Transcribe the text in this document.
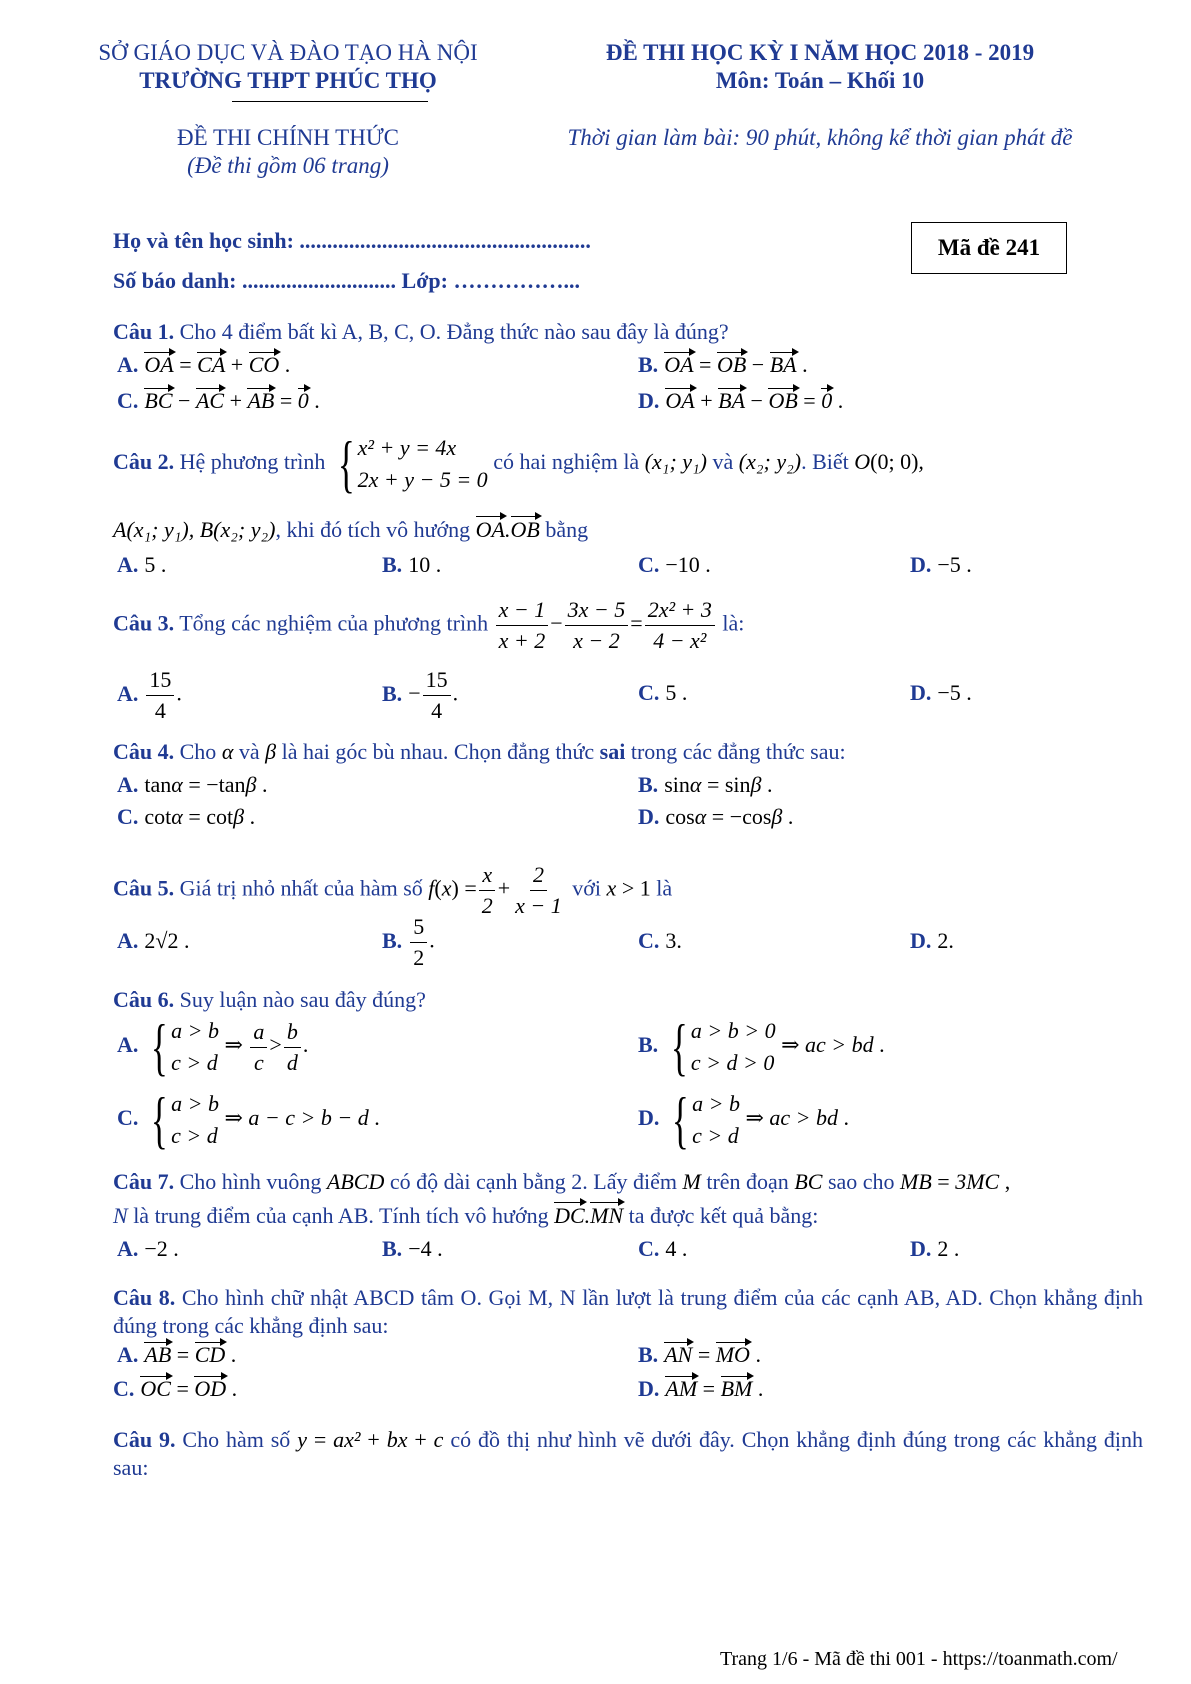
SỞ GIÁO DỤC VÀ ĐÀO TẠO HÀ NỘI
TRƯỜNG THPT PHÚC THỌ
ĐỀ THI CHÍNH THỨC
(Đề thi gồm 06 trang)
ĐỀ THI HỌC KỲ I NĂM HỌC 2018 - 2019
Môn: Toán – Khối 10
Thời gian làm bài: 90 phút, không kể thời gian phát đề
Họ và tên học sinh: .....................................................
Số báo danh: ............................ Lớp: ……………...
Mã đề 241
Câu 1. Cho 4 điểm bất kì A, B, C, O. Đẳng thức nào sau đây là đúng?
A. OA = CA + CO .	B. OA = OB − BA .
C. BC − AC + AB = 0 .	D. OA + BA − OB = 0 .
Câu 2. Hệ phương trình { x² + y = 4x
2x + y − 5 = 0
có hai nghiệm là (x₁; y₁) và (x₂; y₂). Biết O(0; 0),
A(x₁; y₁), B(x₂; y₂), khi đó tích vô hướng OA.OB bằng
A. 5 .	B. 10 .	C. −10 .	D. −5 .
Câu 3. Tổng các nghiệm của phương trình $\frac{x - 1}{x + 2} - \frac{3x - 5}{x - 2} = \frac{\text{2x² + 3}}{\text{4 − x²}}$ là:
A. $\frac{15}{4}$ .	B. − $\frac{15}{4}$ .	C. 5 .	D. −5 .
Câu 4. Cho α và β là hai góc bù nhau. Chọn đẳng thức sai trong các đẳng thức sau:
A. tanα = −tanβ .	B. sinα = sinβ .
C. cotα = cotβ .	D. cosα = −cosβ .
Câu 5. Giá trị nhỏ nhất của hàm số $f(x) = \frac{x}{2} + \frac{2}{x - 1}$ với x > 1 là
A. 2√2 .	B. $\frac{5}{2}$ .	C. 3.	D. 2.
Câu 6. Suy luận nào sau đây đúng?
A. { a > b
c > d
⇒ $\frac{a}{c} > \frac{b}{d}$ .	B. { a > b > 0
c > d > 0
⇒ ac > bd .
C. { a > b
c > d
⇒ a − c > b − d .	D. { a > b
c > d
⇒ ac > bd .
Câu 7. Cho hình vuông ABCD có độ dài cạnh bằng 2. Lấy điểm M trên đoạn BC sao cho MB = 3MC ,
N là trung điểm của cạnh AB. Tính tích vô hướng DC.MN ta được kết quả bằng:
A. −2 .	B. −4 .	C. 4 .	D. 2 .
Câu 8. Cho hình chữ nhật ABCD tâm O. Gọi M, N lần lượt là trung điểm của các cạnh AB, AD. Chọn khẳng định đúng trong các khẳng định sau:
A. AB = CD .	B. AN = MO .
C. OC = OD .	D. AM = BM .
Câu 9. Cho hàm số y = ax² + bx + c có đồ thị như hình vẽ dưới đây. Chọn khẳng định đúng trong các khẳng định sau:
Trang 1/6 - Mã đề thi 001 - https://toanmath.com/
